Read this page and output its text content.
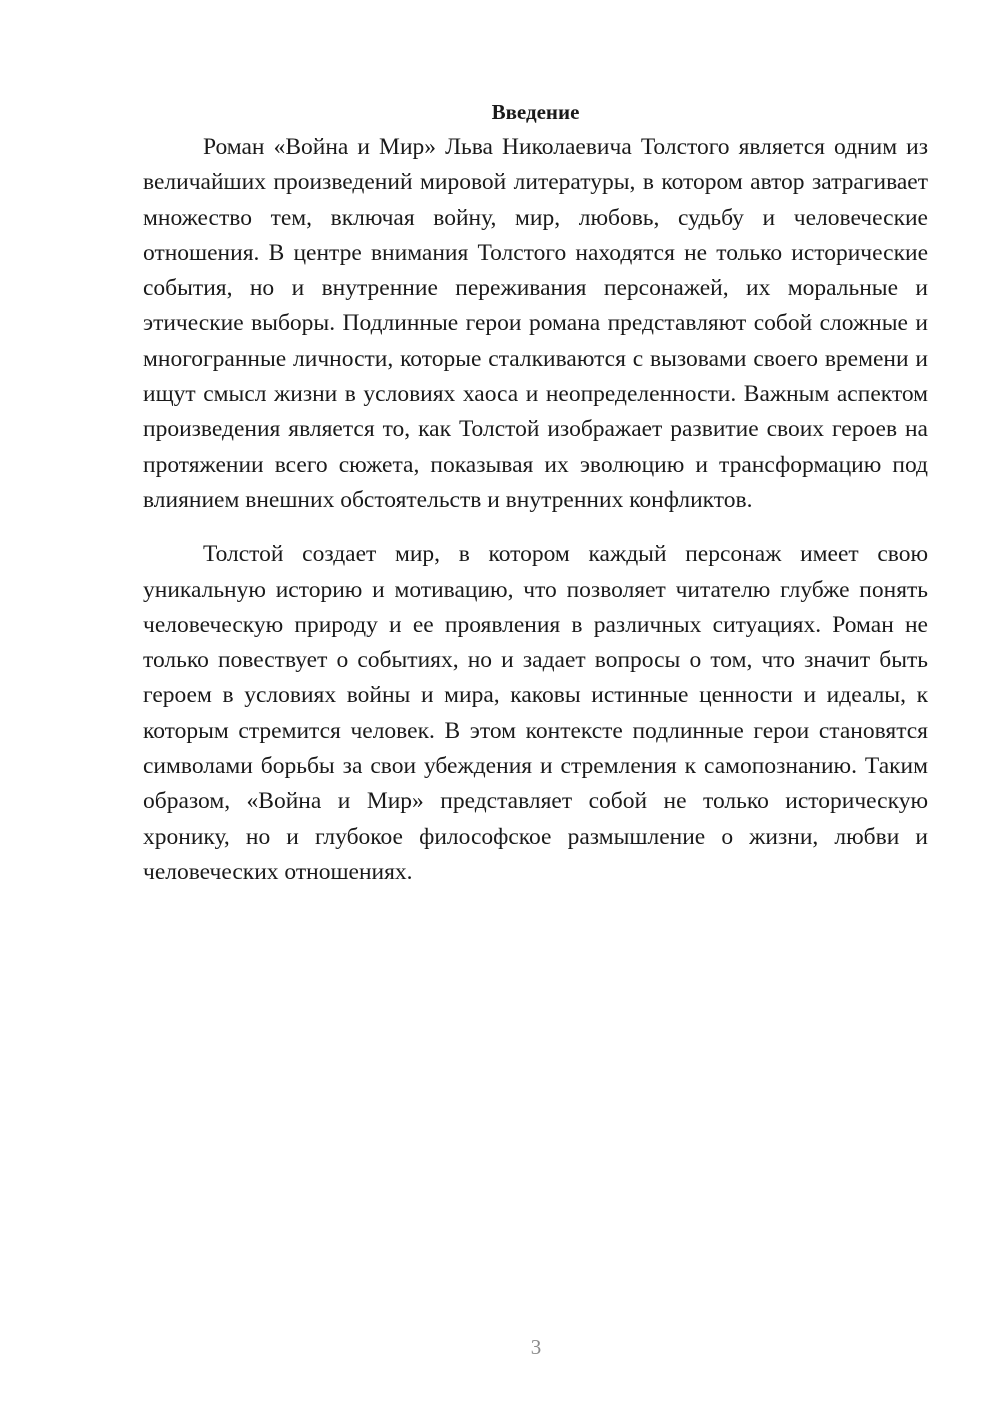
Введение

Роман «Война и Мир» Льва Николаевича Толстого является одним из величайших произведений мировой литературы, в котором автор затрагивает множество тем, включая войну, мир, любовь, судьбу и человеческие отношения. В центре внимания Толстого находятся не только исторические события, но и внутренние переживания персонажей, их моральные и этические выборы. Подлинные герои романа представляют собой сложные и многогранные личности, которые сталкиваются с вызовами своего времени и ищут смысл жизни в условиях хаоса и неопределенности. Важным аспектом произведения является то, как Толстой изображает развитие своих героев на протяжении всего сюжета, показывая их эволюцию и трансформацию под влиянием внешних обстоятельств и внутренних конфликтов.

Толстой создает мир, в котором каждый персонаж имеет свою уникальную историю и мотивацию, что позволяет читателю глубже понять человеческую природу и ее проявления в различных ситуациях. Роман не только повествует о событиях, но и задает вопросы о том, что значит быть героем в условиях войны и мира, каковы истинные ценности и идеалы, к которым стремится человек. В этом контексте подлинные герои становятся символами борьбы за свои убеждения и стремления к самопознанию. Таким образом, «Война и Мир» представляет собой не только историческую хронику, но и глубокое философское размышление о жизни, любви и человеческих отношениях.

3
